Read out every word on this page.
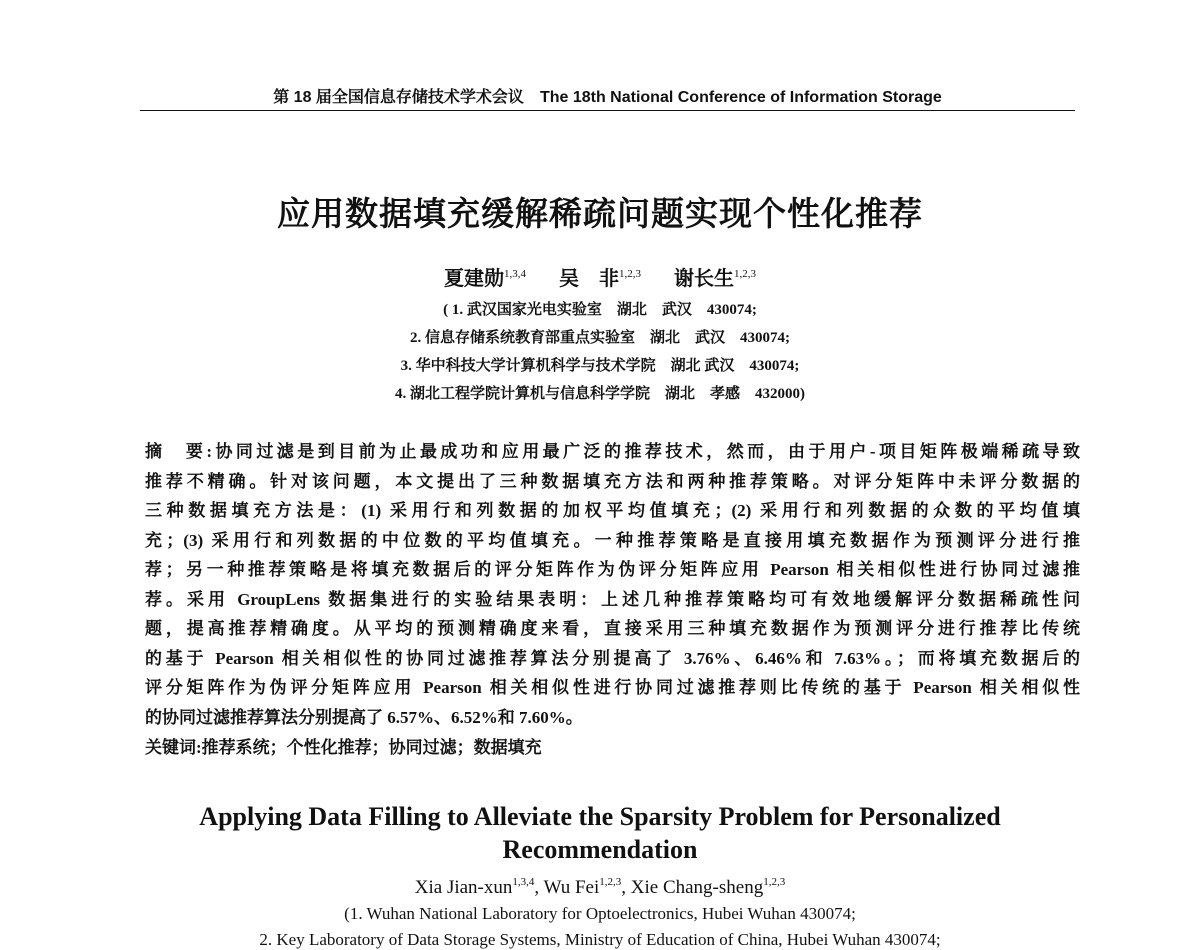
第 18 届全国信息存储技术学术会议 The 18th National Conference of Information Storage
应用数据填充缓解稀疏问题实现个性化推荐
夏建勋$^{1,3,4}$ 吴　非$^{1,2,3}$ 谢长生$^{1,2,3}$
( 1. 武汉国家光电实验室　湖北　武汉　430074;
2. 信息存储系统教育部重点实验室　湖北　武汉　430074;
3. 华中科技大学计算机科学与技术学院　湖北 武汉　430074;
4. 湖北工程学院计算机与信息科学学院　湖北　孝感　432000)
摘　要:协同过滤是到目前为止最成功和应用最广泛的推荐技术，然而，由于用户-项目矩阵极端稀疏导致
推荐不精确。针对该问题，本文提出了三种数据填充方法和两种推荐策略。对评分矩阵中未评分数据的
三种数据填充方法是：(1) 采用行和列数据的加权平均值填充；(2) 采用行和列数据的众数的平均值填
充；(3) 采用行和列数据的中位数的平均值填充。一种推荐策略是直接用填充数据作为预测评分进行推
荐；另一种推荐策略是将填充数据后的评分矩阵作为伪评分矩阵应用 Pearson 相关相似性进行协同过滤推
荐。采用 GroupLens 数据集进行的实验结果表明：上述几种推荐策略均可有效地缓解评分数据稀疏性问
题，提高推荐精确度。从平均的预测精确度来看，直接采用三种填充数据作为预测评分进行推荐比传统
的基于 Pearson 相关相似性的协同过滤推荐算法分别提高了 3.76%、6.46%和 7.63%。；而将填充数据后的
评分矩阵作为伪评分矩阵应用 Pearson 相关相似性进行协同过滤推荐则比传统的基于 Pearson 相关相似性
的协同过滤推荐算法分别提高了 6.57%、6.52%和 7.60%。
关键词:推荐系统；个性化推荐；协同过滤；数据填充
Applying Data Filling to Alleviate the Sparsity Problem for Personalized
Recommendation
Xia Jian-xun$^{1,3,4}$, Wu Fei$^{1,2,3}$, Xie Chang-sheng$^{1,2,3}$
(1. Wuhan National Laboratory for Optoelectronics, Hubei Wuhan 430074;
2. Key Laboratory of Data Storage Systems, Ministry of Education of China, Hubei Wuhan 430074;
